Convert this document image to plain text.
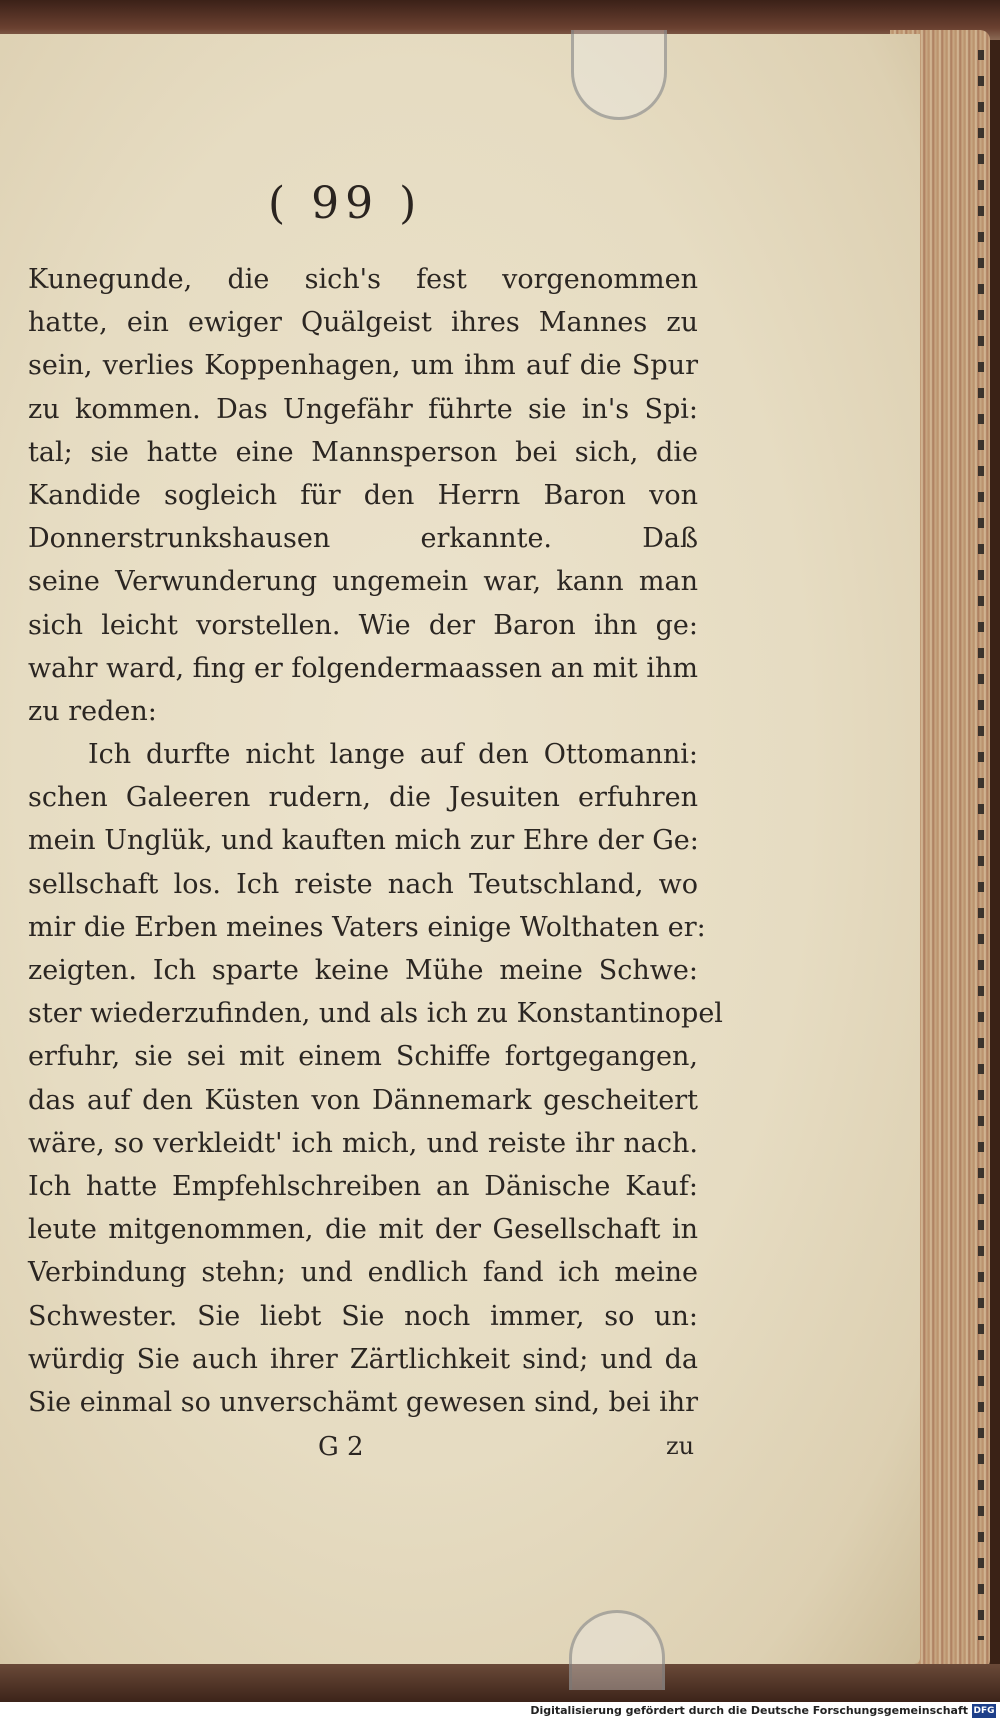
( 99 )
Kunegunde, die sich's fest vorgenommen
hatte, ein ewiger Quälgeist ihres Mannes zu
sein, verlies Koppenhagen, um ihm auf die Spur
zu kommen. Das Ungefähr führte sie in's Spi:
tal; sie hatte eine Mannsperson bei sich, die
Kandide sogleich für den Herrn Baron von
Donnerstrunkshausen erkannte. Daß
seine Verwunderung ungemein war, kann man
sich leicht vorstellen. Wie der Baron ihn ge:
wahr ward, fing er folgendermaassen an mit ihm
zu reden:
Ich durfte nicht lange auf den Ottomanni:
schen Galeeren rudern, die Jesuiten erfuhren
mein Unglük, und kauften mich zur Ehre der Ge:
sellschaft los. Ich reiste nach Teutschland, wo
mir die Erben meines Vaters einige Wolthaten er:
zeigten. Ich sparte keine Mühe meine Schwe:
ster wiederzufinden, und als ich zu Konstantinopel
erfuhr, sie sei mit einem Schiffe fortgegangen,
das auf den Küsten von Dännemark gescheitert
wäre, so verkleidt' ich mich, und reiste ihr nach.
Ich hatte Empfehlschreiben an Dänische Kauf:
leute mitgenommen, die mit der Gesellschaft in
Verbindung stehn; und endlich fand ich meine
Schwester. Sie liebt Sie noch immer, so un:
würdig Sie auch ihrer Zärtlichkeit sind; und da
Sie einmal so unverschämt gewesen sind, bei ihr
G 2	zu
Digitalisierung gefördert durch die Deutsche Forschungsgemeinschaft DFG
